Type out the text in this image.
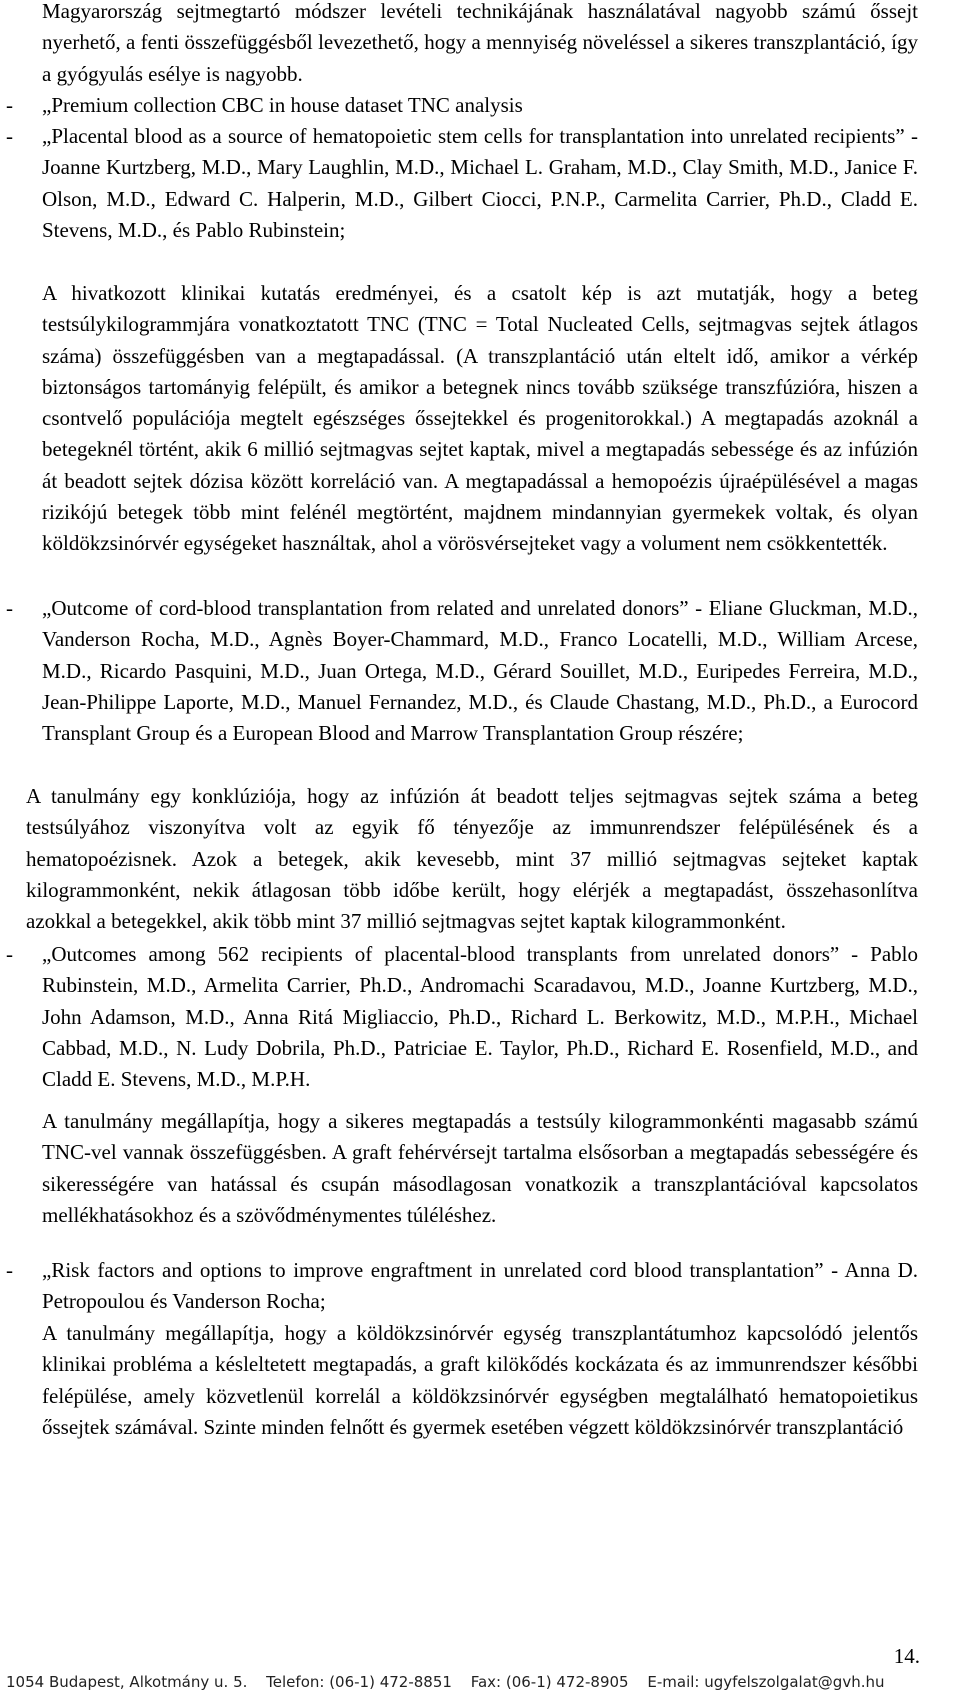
Magyarország sejtmegtartó módszer levételi technikájának használatával nagyobb számú őssejt nyerhető, a fenti összefüggésből levezethető, hogy a mennyiség növeléssel a sikeres transzplantáció, így a gyógyulás esélye is nagyobb.

- „Premium collection CBC in house dataset TNC analysis

- „Placental blood as a source of hematopoietic stem cells for transplantation into unrelated recipients” - Joanne Kurtzberg, M.D., Mary Laughlin, M.D., Michael L. Graham, M.D., Clay Smith, M.D., Janice F. Olson, M.D., Edward C. Halperin, M.D., Gilbert Ciocci, P.N.P., Carmelita Carrier, Ph.D., Cladd E. Stevens, M.D., és Pablo Rubinstein;

A hivatkozott klinikai kutatás eredményei, és a csatolt kép is azt mutatják, hogy a beteg testsúlykilogrammjára vonatkoztatott TNC (TNC = Total Nucleated Cells, sejtmagvas sejtek átlagos száma) összefüggésben van a megtapadással. (A transzplantáció után eltelt idő, amikor a vérkép biztonságos tartományig felépült, és amikor a betegnek nincs tovább szüksége transzfúzióra, hiszen a csontvelő populációja megtelt egészséges őssejtekkel és progenitorokkal.) A megtapadás azoknál a betegeknél történt, akik 6 millió sejtmagvas sejtet kaptak, mivel a megtapadás sebessége és az infúzión át beadott sejtek dózisa között korreláció van. A megtapadással a hemopoézis újraépülésével a magas rizikójú betegek több mint felénél megtörtént, majdnem mindannyian gyermekek voltak, és olyan köldökzsinórvér egységeket használtak, ahol a vörösvérsejteket vagy a volument nem csökkentették.

- „Outcome of cord-blood transplantation from related and unrelated donors” - Eliane Gluckman, M.D., Vanderson Rocha, M.D., Agnès Boyer-Chammard, M.D., Franco Locatelli, M.D., William Arcese, M.D., Ricardo Pasquini, M.D., Juan Ortega, M.D., Gérard Souillet, M.D., Euripedes Ferreira, M.D., Jean-Philippe Laporte, M.D., Manuel Fernandez, M.D., és Claude Chastang, M.D., Ph.D., a Eurocord Transplant Group és a European Blood and Marrow Transplantation Group részére;

A tanulmány egy konklúziója, hogy az infúzión át beadott teljes sejtmagvas sejtek száma a beteg testsúlyához viszonyítva volt az egyik fő tényezője az immunrendszer felépülésének és a hematopoézisnek. Azok a betegek, akik kevesebb, mint 37 millió sejtmagvas sejteket kaptak kilogrammonként, nekik átlagosan több időbe került, hogy elérjék a megtapadást, összehasonlítva azokkal a betegekkel, akik több mint 37 millió sejtmagvas sejtet kaptak kilogrammonként.

- „Outcomes among 562 recipients of placental-blood transplants from unrelated donors” - Pablo Rubinstein, M.D., Armelita Carrier, Ph.D., Andromachi Scaradavou, M.D., Joanne Kurtzberg, M.D., John Adamson, M.D., Anna Ritá Migliaccio, Ph.D., Richard L. Berkowitz, M.D., M.P.H., Michael Cabbad, M.D., N. Ludy Dobrila, Ph.D., Patriciae E. Taylor, Ph.D., Richard E. Rosenfield, M.D., and Cladd E. Stevens, M.D., M.P.H.

A tanulmány megállapítja, hogy a sikeres megtapadás a testsúly kilogrammonkénti magasabb számú TNC-vel vannak összefüggésben. A graft fehérvérsejt tartalma elsősorban a megtapadás sebességére és sikerességére van hatással és csupán másodlagosan vonatkozik a transzplantációval kapcsolatos mellékhatásokhoz és a szövődménymentes túléléshez.

- „Risk factors and options to improve engraftment in unrelated cord blood transplantation” - Anna D. Petropoulou és Vanderson Rocha;

A tanulmány megállapítja, hogy a köldökzsinórvér egység transzplantátumhoz kapcsolódó jelentős klinikai probléma a késleltetett megtapadás, a graft kilökődés kockázata és az immunrendszer későbbi felépülése, amely közvetlenül korrelál a köldökzsinórvér egységben megtalálható hematopoietikus őssejtek számával. Szinte minden felnőtt és gyermek esetében végzett köldökzsinórvér transzplantáció

14.
1054 Budapest, Alkotmány u. 5. Telefon: (06-1) 472-8851 Fax: (06-1) 472-8905 E-mail: ugyfelszolgalat@gvh.hu
